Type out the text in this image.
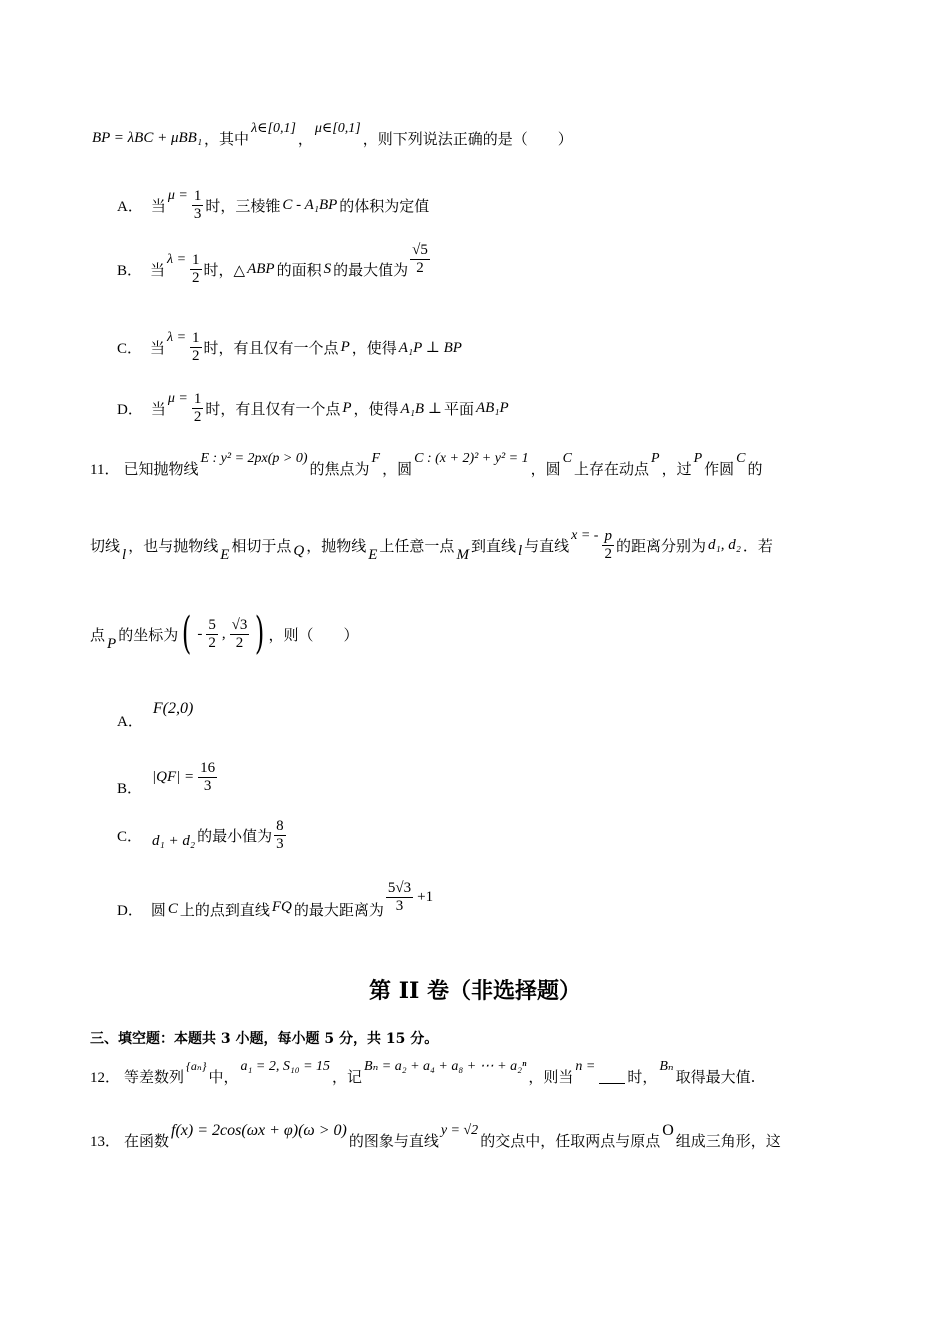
BP = λBC + μBB₁ ，其中
λ∈[0,1]
，
μ∈[0,1]
，则下列说法正确的是（　　）
A． 当
$\mu = \frac{1}{3}$ 时，三棱锥 C - A₁BP 的体积为定值
B． 当
$\lambda = \frac{1}{2}$ 时，△ ABP 的面积 S 的最大值为 $\frac{√5}{2}$
C． 当
$\lambda = \frac{1}{2}$ 时，有且仅有一个点 P ，使得 A₁P ⊥ BP
D． 当
$\mu = \frac{1}{2}$ 时，有且仅有一个点 P ，使得 A₁B ⊥ 平面 AB₁P
11． 已知抛物线
E : y² = 2px(p > 0)
的焦点为
F
，圆
C : (x + 2)² + y² = 1
，圆
C
上存在动点
P
，过
P
作圆
C
的
切线 l ，也与抛物线 E 相切于点 Q ，抛物线 E 上任意一点 M 到直线 l 与直线
x = - $\frac{p}{2}$ 的距离分别为 d₁, d₂ ．若
点 P 的坐标为 ( - $\frac{5}{2}$ , $\frac{√3}{2}$ ) ，则（　　）
A．
F(2,0)
B．
$|QF| = \frac{16}{3}$
C． d₁ + d₂ 的最小值为 $\frac{8}{3}$
D． 圆 C 上的点到直线 FQ 的最大距离为 $\frac{5√3}{3} +1$
第 II 卷（非选择题）
三、填空题：本题共 3 小题，每小题 5 分，共 15 分。
12． 等差数列
{aₙ}
中，
a₁ = 2, S₁₀ = 15
，记
Bₙ = a₂ + a₄ + a₈ + ⋯ + a₂ⁿ
，则当
n =
时，
Bₙ
取得最大值.
13． 在函数
f(x) = 2cos(ωx + φ)(ω > 0)
的图象与直线
y = √2
的交点中，任取两点与原点
O
组成三角形，这
